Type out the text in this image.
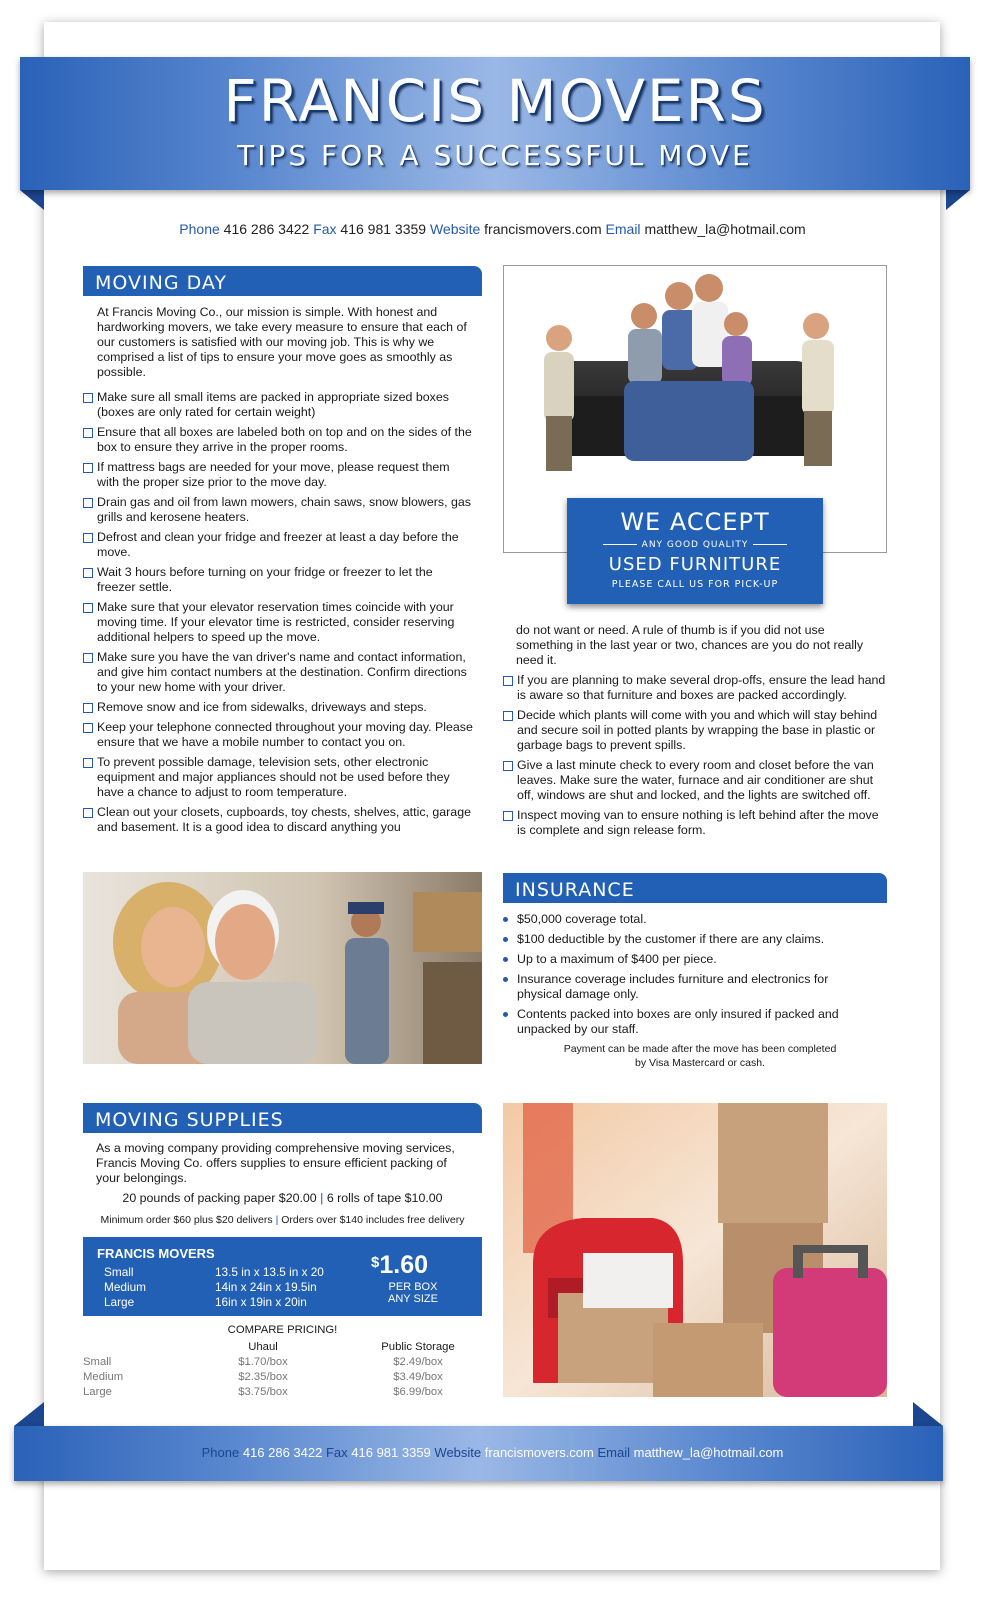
FRANCIS MOVERS
TIPS FOR A SUCCESSFUL MOVE
Phone 416 286 3422 Fax 416 981 3359 Website francismovers.com Email matthew_la@hotmail.com
MOVING DAY
At Francis Moving Co., our mission is simple. With honest and hardworking movers, we take every measure to ensure that each of our customers is satisfied with our moving job. This is why we comprised a list of tips to ensure your move goes as smoothly as possible.
Make sure all small items are packed in appropriate sized boxes (boxes are only rated for certain weight)
Ensure that all boxes are labeled both on top and on the sides of the box to ensure they arrive in the proper rooms.
If mattress bags are needed for your move, please request them with the proper size prior to the move day.
Drain gas and oil from lawn mowers, chain saws, snow blowers, gas grills and kerosene heaters.
Defrost and clean your fridge and freezer at least a day before the move.
Wait 3 hours before turning on your fridge or freezer to let the freezer settle.
Make sure that your elevator reservation times coincide with your moving time. If your elevator time is restricted, consider reserving additional helpers to speed up the move.
Make sure you have the van driver's name and contact information, and give him contact numbers at the destination. Confirm directions to your new home with your driver.
Remove snow and ice from sidewalks, driveways and steps.
Keep your telephone connected throughout your moving day. Please ensure that we have a mobile number to contact you on.
To prevent possible damage, television sets, other electronic equipment and major appliances should not be used before they have a chance to adjust to room temperature.
Clean out your closets, cupboards, toy chests, shelves, attic, garage and basement. It is a good idea to discard anything you
WE ACCEPT
ANY GOOD QUALITY
USED FURNITURE
PLEASE CALL US FOR PICK-UP
do not want or need. A rule of thumb is if you did not use something in the last year or two, chances are you do not really need it.
If you are planning to make several drop-offs, ensure the lead hand is aware so that furniture and boxes are packed accordingly.
Decide which plants will come with you and which will stay behind and secure soil in potted plants by wrapping the base in plastic or garbage bags to prevent spills.
Give a last minute check to every room and closet before the van leaves. Make sure the water, furnace and air conditioner are shut off, windows are shut and locked, and the lights are switched off.
Inspect moving van to ensure nothing is left behind after the move is complete and sign release form.
INSURANCE
$50,000 coverage total.
$100 deductible by the customer if there are any claims.
Up to a maximum of $400 per piece.
Insurance coverage includes furniture and electronics for physical damage only.
Contents packed into boxes are only insured if packed and unpacked by our staff.
Payment can be made after the move has been completed
by Visa Mastercard or cash.
MOVING SUPPLIES
As a moving company providing comprehensive moving services, Francis Moving Co. offers supplies to ensure efficient packing of your belongings.
20 pounds of packing paper $20.00 | 6 rolls of tape $10.00
Minimum order $60 plus $20 delivers | Orders over $140 includes free delivery
FRANCIS MOVERS
Small
Medium
Large
13.5 in x 13.5 in x 20
14in x 24in x 19.5in
16in x 19in x 20in
$1.60
PER BOX
ANY SIZE
COMPARE PRICING!
Uhaul	Public Storage
Small
Medium
Large
$1.70/box
$2.35/box
$3.75/box
$2.49/box
$3.49/box
$6.99/box
Phone 416 286 3422 Fax 416 981 3359 Website francismovers.com Email matthew_la@hotmail.com
